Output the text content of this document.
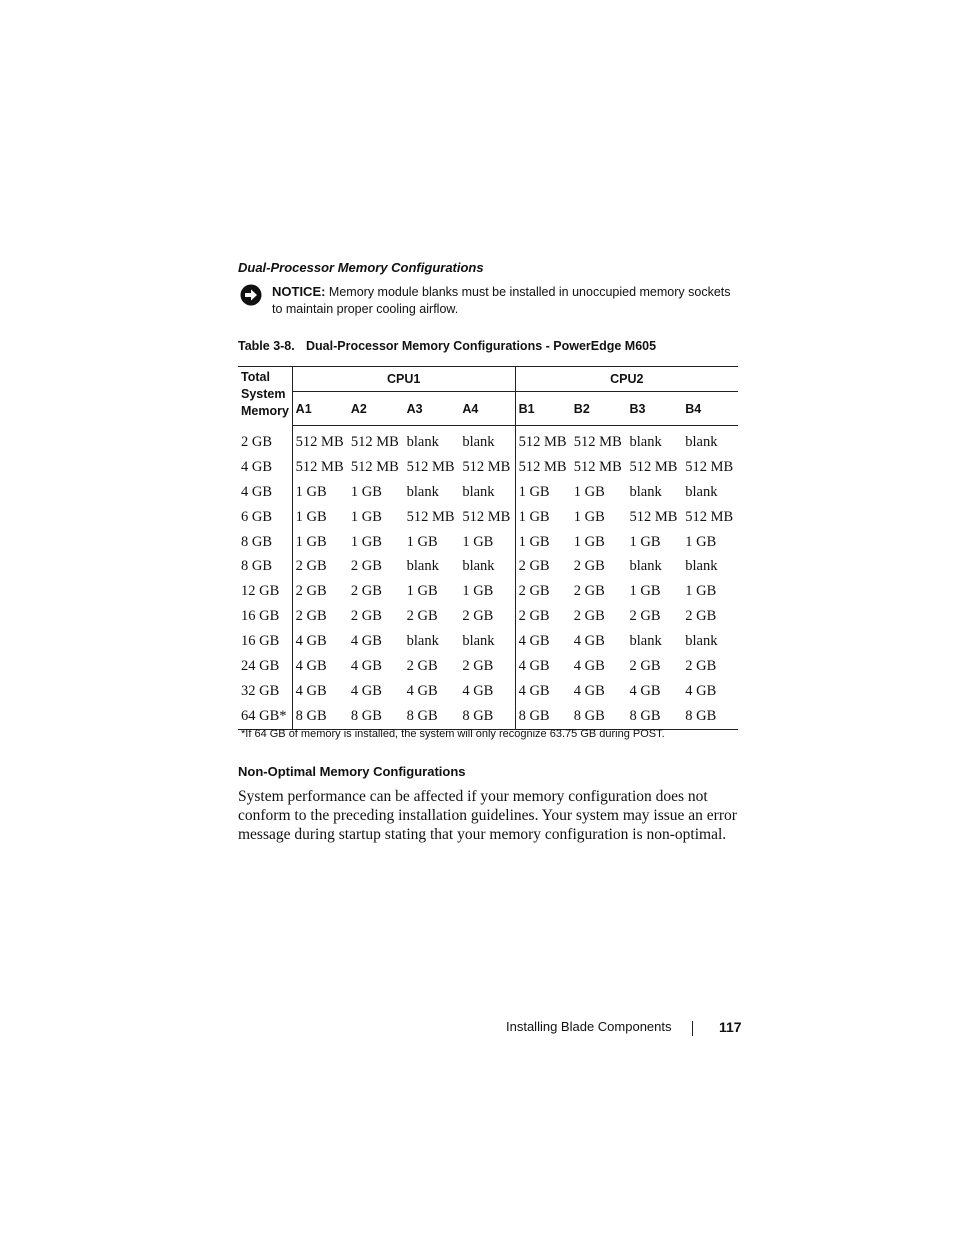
Dual-Processor Memory Configurations
NOTICE: Memory module blanks must be installed in unoccupied memory sockets to maintain proper cooling airflow.
Table 3-8. Dual-Processor Memory Configurations - PowerEdge M605
Total System Memory	CPU1				CPU2			
	A1	A2	A3	A4	B1	B2	B3	B4
2 GB	512 MB	512 MB	blank	blank	512 MB	512 MB	blank	blank
4 GB	512 MB	512 MB	512 MB	512 MB	512 MB	512 MB	512 MB	512 MB
4 GB	1 GB	1 GB	blank	blank	1 GB	1 GB	blank	blank
6 GB	1 GB	1 GB	512 MB	512 MB	1 GB	1 GB	512 MB	512 MB
8 GB	1 GB	1 GB	1 GB	1 GB	1 GB	1 GB	1 GB	1 GB
8 GB	2 GB	2 GB	blank	blank	2 GB	2 GB	blank	blank
12 GB	2 GB	2 GB	1 GB	1 GB	2 GB	2 GB	1 GB	1 GB
16 GB	2 GB	2 GB	2 GB	2 GB	2 GB	2 GB	2 GB	2 GB
16 GB	4 GB	4 GB	blank	blank	4 GB	4 GB	blank	blank
24 GB	4 GB	4 GB	2 GB	2 GB	4 GB	4 GB	2 GB	2 GB
32 GB	4 GB	4 GB	4 GB	4 GB	4 GB	4 GB	4 GB	4 GB
64 GB*	8 GB	8 GB	8 GB	8 GB	8 GB	8 GB	8 GB	8 GB
*If 64 GB of memory is installed, the system will only recognize 63.75 GB during POST.
Non-Optimal Memory Configurations
System performance can be affected if your memory configuration does not conform to the preceding installation guidelines. Your system may issue an error message during startup stating that your memory configuration is non-optimal.
Installing Blade Components	117
